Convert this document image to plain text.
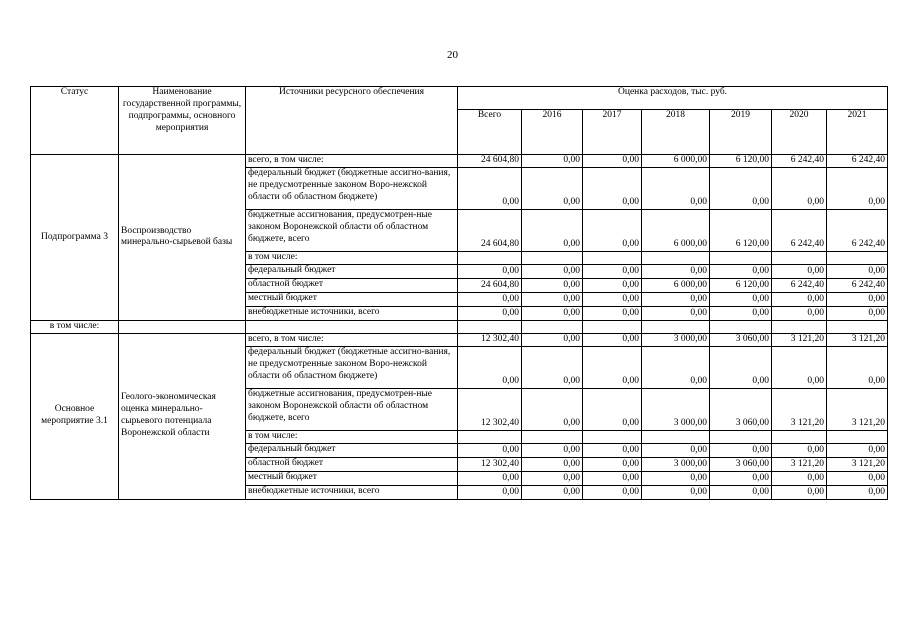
20
Статус	Наименование государственной программы, подпрограммы, основного мероприятия	Источники ресурсного обеспечения	Оценка расходов, тыс. руб.						
			Всего	2016	2017	2018	2019	2020	2021
Подпрограмма 3	Воспроизводство минерально-сырьевой базы	всего, в том числе:	24 604,80	0,00	0,00	6 000,00	6 120,00	6 242,40	6 242,40
		федеральный бюджет (бюджетные ассигно-вания, не предусмотренные законом Воро-нежской области об областном бюджете)	0,00	0,00	0,00	0,00	0,00	0,00	0,00
		бюджетные ассигнования, предусмотрен-ные законом Воронежской области об областном бюджете, всего	24 604,80	0,00	0,00	6 000,00	6 120,00	6 242,40	6 242,40
		в том числе:							
		федеральный бюджет	0,00	0,00	0,00	0,00	0,00	0,00	0,00
		областной бюджет	24 604,80	0,00	0,00	6 000,00	6 120,00	6 242,40	6 242,40
		местный бюджет	0,00	0,00	0,00	0,00	0,00	0,00	0,00
		внебюджетные источники, всего	0,00	0,00	0,00	0,00	0,00	0,00	0,00
в том числе:									
Основное мероприятие 3.1	Геолого-экономическая оценка минерально-сырьевого потенциала Воронежской области	всего, в том числе:	12 302,40	0,00	0,00	3 000,00	3 060,00	3 121,20	3 121,20
		федеральный бюджет (бюджетные ассигно-вания, не предусмотренные законом Воро-нежской области об областном бюджете)	0,00	0,00	0,00	0,00	0,00	0,00	0,00
		бюджетные ассигнования, предусмотрен-ные законом Воронежской области об областном бюджете, всего	12 302,40	0,00	0,00	3 000,00	3 060,00	3 121,20	3 121,20
		в том числе:							
		федеральный бюджет	0,00	0,00	0,00	0,00	0,00	0,00	0,00
		областной бюджет	12 302,40	0,00	0,00	3 000,00	3 060,00	3 121,20	3 121,20
		местный бюджет	0,00	0,00	0,00	0,00	0,00	0,00	0,00
		внебюджетные источники, всего	0,00	0,00	0,00	0,00	0,00	0,00	0,00
